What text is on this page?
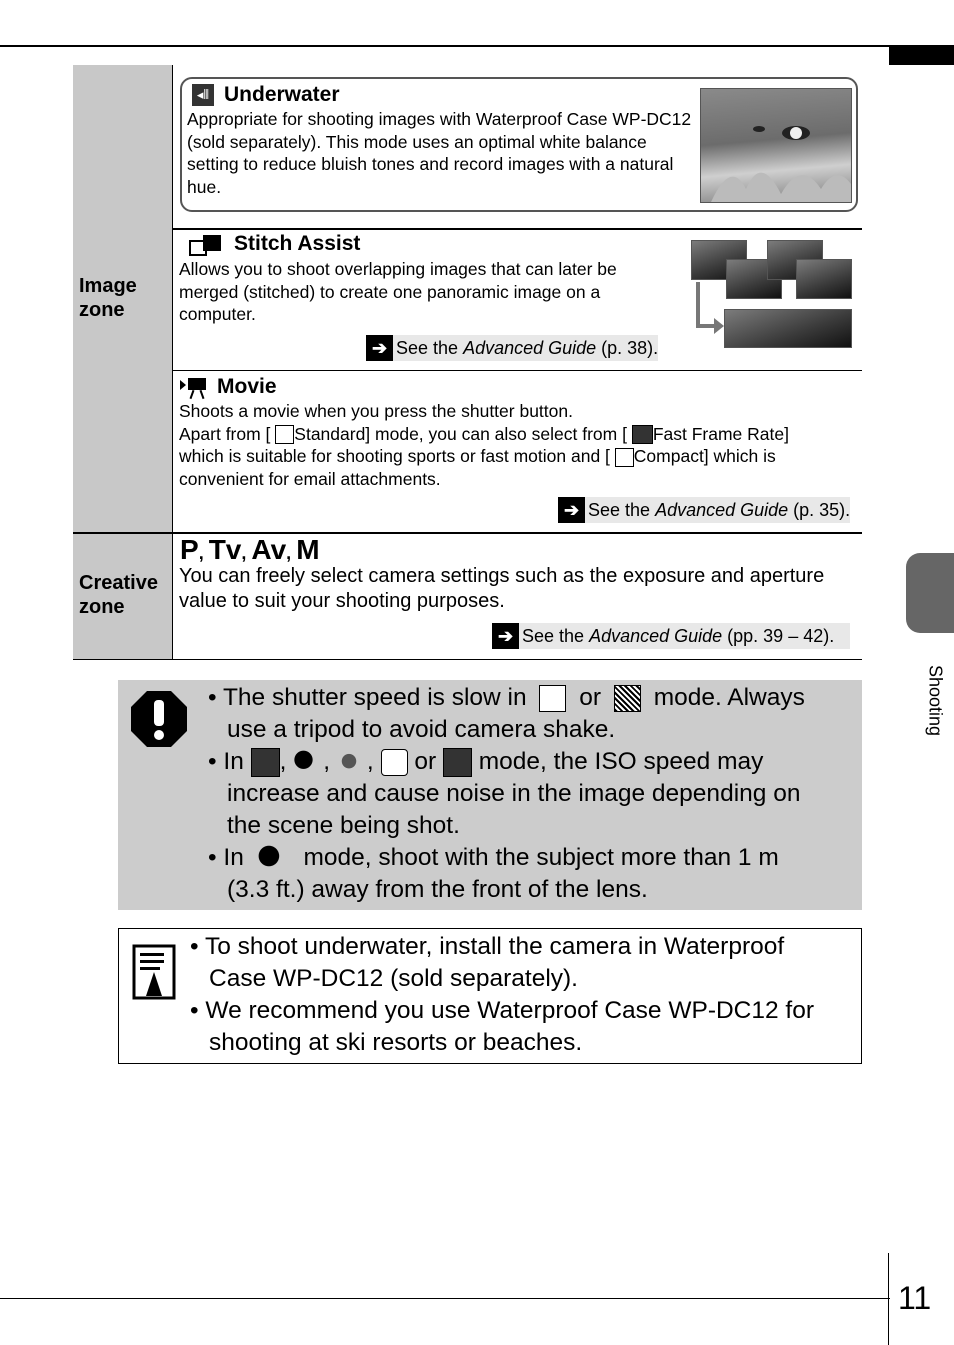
11
Shooting
Image
zone
Creative
zone
◂⦀ Underwater
Appropriate for shooting images with Waterproof Case WP-DC12 (sold separately). This mode uses an optimal white balance setting to reduce bluish tones and record images with a natural hue.
Stitch Assist
Allows you to shoot overlapping images that can later be merged (stitched) to create one panoramic image on a computer.
➔ See the Advanced Guide (p. 38).
Movie
Shoots a movie when you press the shutter button.
Apart from [ Standard] mode, you can also select from [ Fast Frame Rate]
which is suitable for shooting sports or fast motion and [ Compact] which is
convenient for email attachments.
➔ See the Advanced Guide (p. 35).
P, Tv, Av, M
You can freely select camera settings such as the exposure and aperture value to suit your shooting purposes.
➔ See the Advanced Guide (pp. 39 – 42).
• The shutter speed is slow in or mode. Always
use a tripod to avoid camera shake.
• In , , ,  or mode, the ISO speed may
increase and cause noise in the image depending on
the scene being shot.
• In mode, shoot with the subject more than 1 m
(3.3 ft.) away from the front of the lens.
• To shoot underwater, install the camera in Waterproof
Case WP-DC12 (sold separately).
• We recommend you use Waterproof Case WP-DC12 for
shooting at ski resorts or beaches.
